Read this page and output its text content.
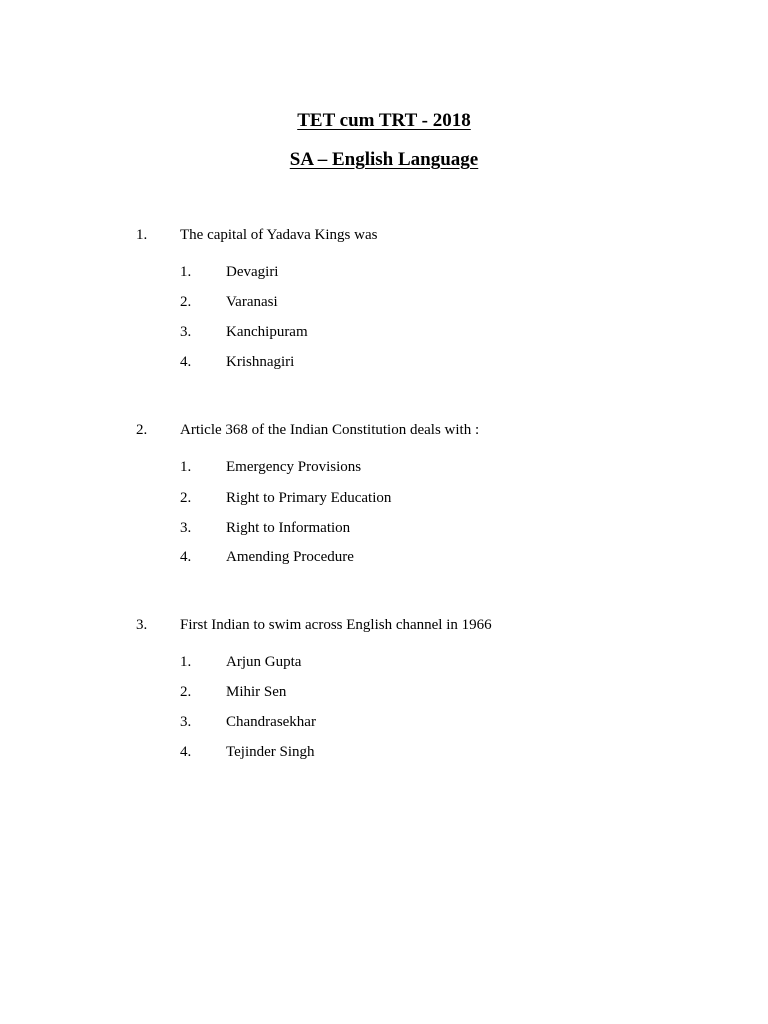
TET cum TRT - 2018
SA – English Language
1. The capital of Yadava Kings was
1. Devagiri
2. Varanasi
3. Kanchipuram
4. Krishnagiri
2. Article 368 of the Indian Constitution deals with :
1. Emergency Provisions
2. Right to Primary Education
3. Right to Information
4. Amending Procedure
3. First Indian to swim across English channel in 1966
1. Arjun Gupta
2. Mihir Sen
3. Chandrasekhar
4. Tejinder Singh
